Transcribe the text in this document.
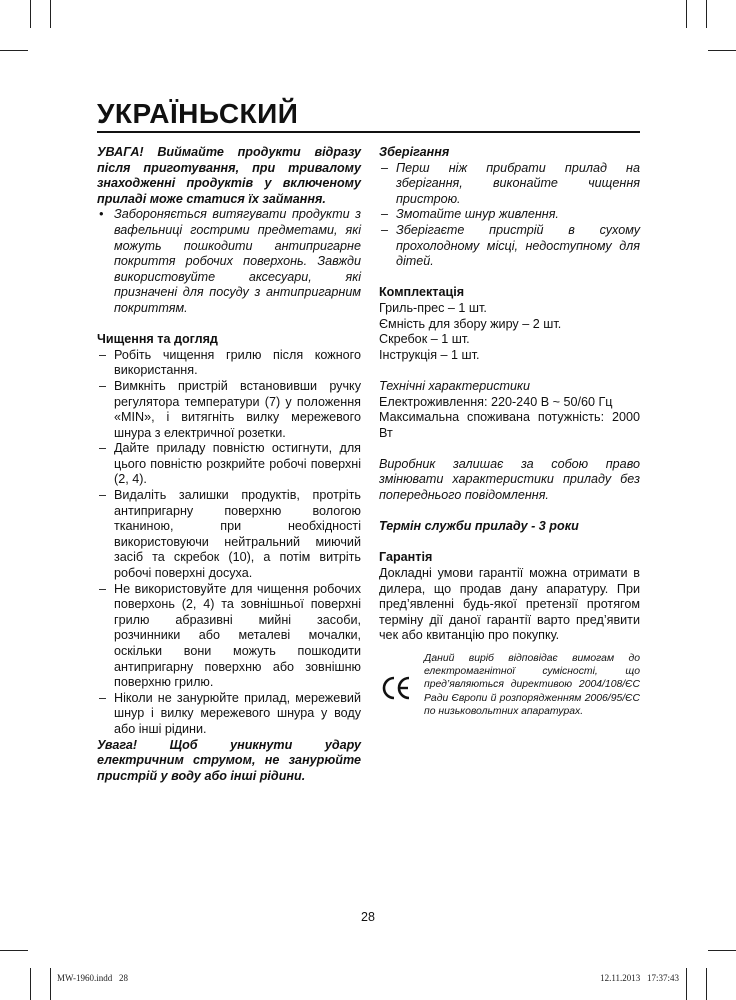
УКРАЇНЬСКИЙ

УВАГА! Виймайте продукти відразу після приготування, при тривалому знаходженні продуктів у включеному приладі може статися їх займання.

• Забороняється витягувати продукти з вафельниці гострими предметами, які можуть пошкодити антипригарне покриття робочих поверхонь. Завжди використовуйте аксесуари, які призначені для посуду з антипригарним покриттям.

Чищення та догляд

– Робіть чищення грилю після кожного використання.
– Вимкніть пристрій встановивши ручку регулятора температури (7) у положення «MIN», і витягніть вилку мережевого шнура з електричної розетки.
– Дайте приладу повністю остигнути, для цього повністю розкрийте робочі поверхні (2, 4).
– Видаліть залишки продуктів, протріть антипригарну поверхню вологою тканиною, при необхідності використовуючи нейтральний миючий засіб та скребок (10), а потім витріть робочі поверхні досуха.
– Не використовуйте для чищення робочих поверхонь (2, 4) та зовнішньої поверхні грилю абразивні мийні засоби, розчинники або металеві мочалки, оскільки вони можуть пошкодити антипригарну поверхню або зовнішню поверхню грилю.
– Ніколи не занурюйте прилад, мережевий шнур і вилку мережевого шнура у воду або інші рідини.

Увага! Щоб уникнути удару електричним струмом, не занурюйте пристрій у воду або інші рідини.

Зберігання

– Перш ніж прибрати прилад на зберігання, виконайте чищення пристрою.
– Змотайте шнур живлення.
– Зберігаєте пристрій в сухому прохолодному місці, недоступному для дітей.

Комплектація

Гриль-прес – 1 шт.

Ємність для збору жиру – 2 шт.

Скребок – 1 шт.

Інструкція – 1 шт.

Технічні характеристики

Електроживлення: 220-240 В ~ 50/60 Гц

Максимальна споживана потужність: 2000 Вт

Виробник залишає за собою право змінювати характеристики приладу без попереднього повідомлення.

Термін служби приладу - 3 роки

Гарантія

Докладні умови гарантії можна отримати в дилера, що продав дану апаратуру. При пред’явленні будь-якої претензії протягом терміну дії даної гарантії варто пред’явити чек або квитанцію про покупку.

Даний виріб відповідає вимогам до електромагнітної сумісності, що пред’являються директивою 2004/108/ЄС Ради Європи й розпорядженням 2006/95/ЄС по низьковольтних апаратурах.
28
MW-1960.indd   28	12.11.2013   17:37:43
